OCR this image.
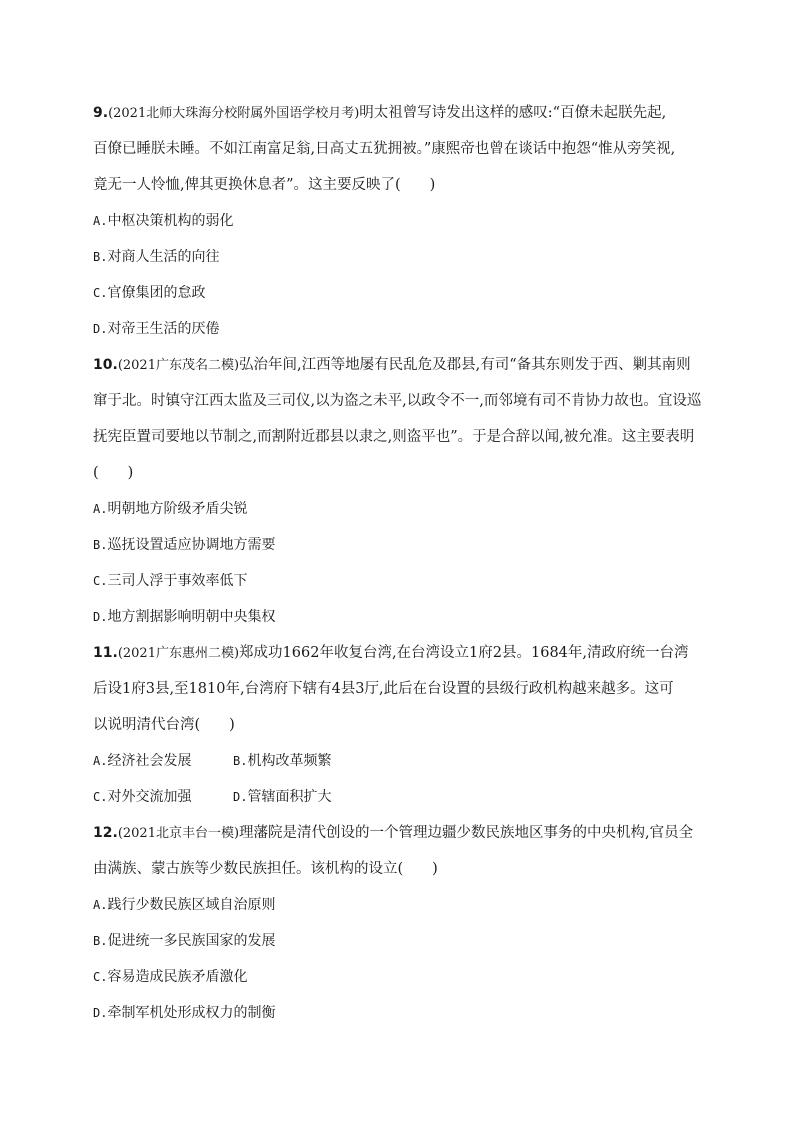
9.(2021北师大珠海分校附属外国语学校月考)明太祖曾写诗发出这样的感叹:“百僚未起朕先起,
百僚已睡朕未睡。不如江南富足翁,日高丈五犹拥被。”康熙帝也曾在谈话中抱怨“惟从旁笑视,
竟无一人怜恤,俾其更换休息者”。这主要反映了(　　)
A.中枢决策机构的弱化
B.对商人生活的向往
C.官僚集团的怠政
D.对帝王生活的厌倦
10.(2021广东茂名二模)弘治年间,江西等地屡有民乱危及郡县,有司“备其东则发于西、剿其南则
窜于北。时镇守江西太监及三司仪,以为盗之未平,以政令不一,而邻境有司不肯协力故也。宜设巡
抚宪臣置司要地以节制之,而割附近郡县以隶之,则盗平也”。于是合辞以闻,被允准。这主要表明
(　　)
A.明朝地方阶级矛盾尖锐
B.巡抚设置适应协调地方需要
C.三司人浮于事效率低下
D.地方割据影响明朝中央集权
11.(2021广东惠州二模)郑成功1662年收复台湾,在台湾设立1府2县。1684年,清政府统一台湾
后设1府3县,至1810年,台湾府下辖有4县3厅,此后在台设置的县级行政机构越来越多。这可
以说明清代台湾(　　)
A.经济社会发展	B.机构改革频繁
C.对外交流加强	D.管辖面积扩大
12.(2021北京丰台一模)理藩院是清代创设的一个管理边疆少数民族地区事务的中央机构,官员全
由满族、蒙古族等少数民族担任。该机构的设立(　　)
A.践行少数民族区域自治原则
B.促进统一多民族国家的发展
C.容易造成民族矛盾激化
D.牵制军机处形成权力的制衡
